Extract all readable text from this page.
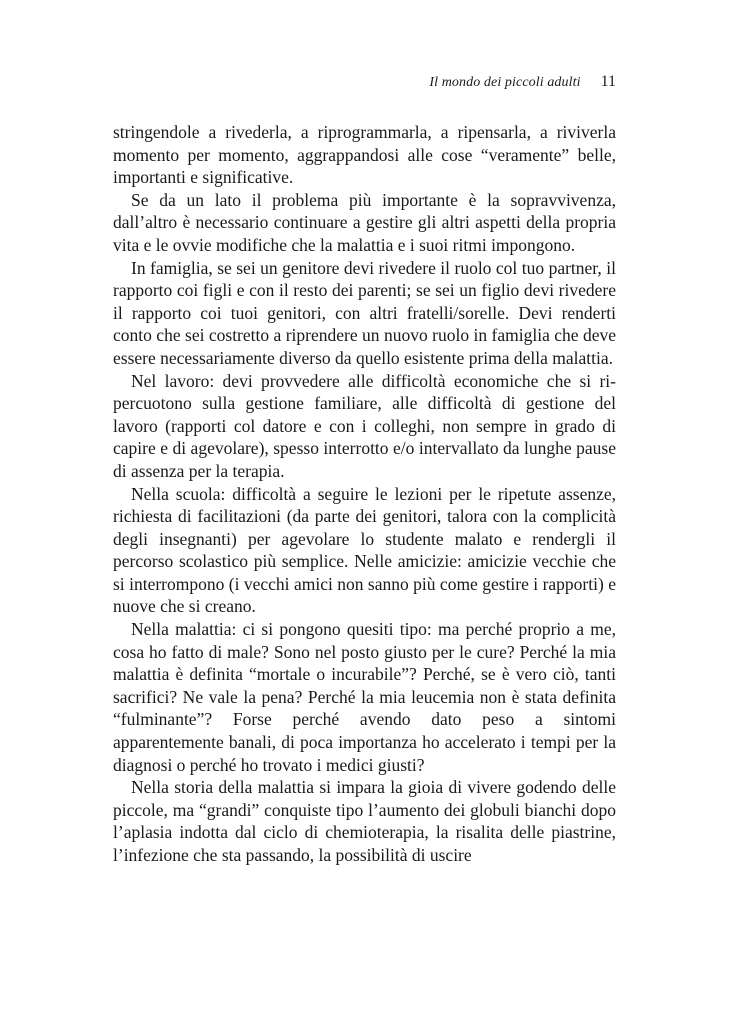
Il mondo dei piccoli adulti 11

stringendole a rivederla, a riprogrammarla, a ripensarla, a riviverla momento per momento, aggrappandosi alle cose “veramente” belle, importanti e significative.

Se da un lato il problema più importante è la sopravvivenza, dall’altro è necessario continuare a gestire gli altri aspetti della propria vita e le ovvie modifiche che la malattia e i suoi ritmi impongono.

In famiglia, se sei un genitore devi rivedere il ruolo col tuo partner, il rapporto coi figli e con il resto dei parenti; se sei un figlio devi rivedere il rapporto coi tuoi genitori, con altri fratelli/sorelle. Devi renderti conto che sei costretto a riprendere un nuovo ruolo in famiglia che deve essere necessariamente diverso da quello esistente prima della malattia.

Nel lavoro: devi provvedere alle difficoltà economiche che si ripercuotono sulla gestione familiare, alle difficoltà di gestione del lavoro (rapporti col datore e con i colleghi, non sempre in grado di capire e di agevolare), spesso interrotto e/o intervallato da lunghe pause di assenza per la terapia.

Nella scuola: difficoltà a seguire le lezioni per le ripetute assenze, richiesta di facilitazioni (da parte dei genitori, talora con la complicità degli insegnanti) per agevolare lo studente malato e rendergli il percorso scolastico più semplice. Nelle amicizie: amicizie vecchie che si interrompono (i vecchi amici non sanno più come gestire i rapporti) e nuove che si creano.

Nella malattia: ci si pongono quesiti tipo: ma perché proprio a me, cosa ho fatto di male? Sono nel posto giusto per le cure? Perché la mia malattia è definita “mortale o incurabile”? Perché, se è vero ciò, tanti sacrifici? Ne vale la pena? Perché la mia leucemia non è stata definita “fulminante”? Forse perché avendo dato peso a sintomi apparentemente banali, di poca importanza ho accelerato i tempi per la diagnosi o perché ho trovato i medici giusti?

Nella storia della malattia si impara la gioia di vivere godendo delle piccole, ma “grandi” conquiste tipo l’aumento dei globuli bianchi dopo l’aplasia indotta dal ciclo di chemioterapia, la risalita delle piastrine, l’infezione che sta passando, la possibilità di uscire
